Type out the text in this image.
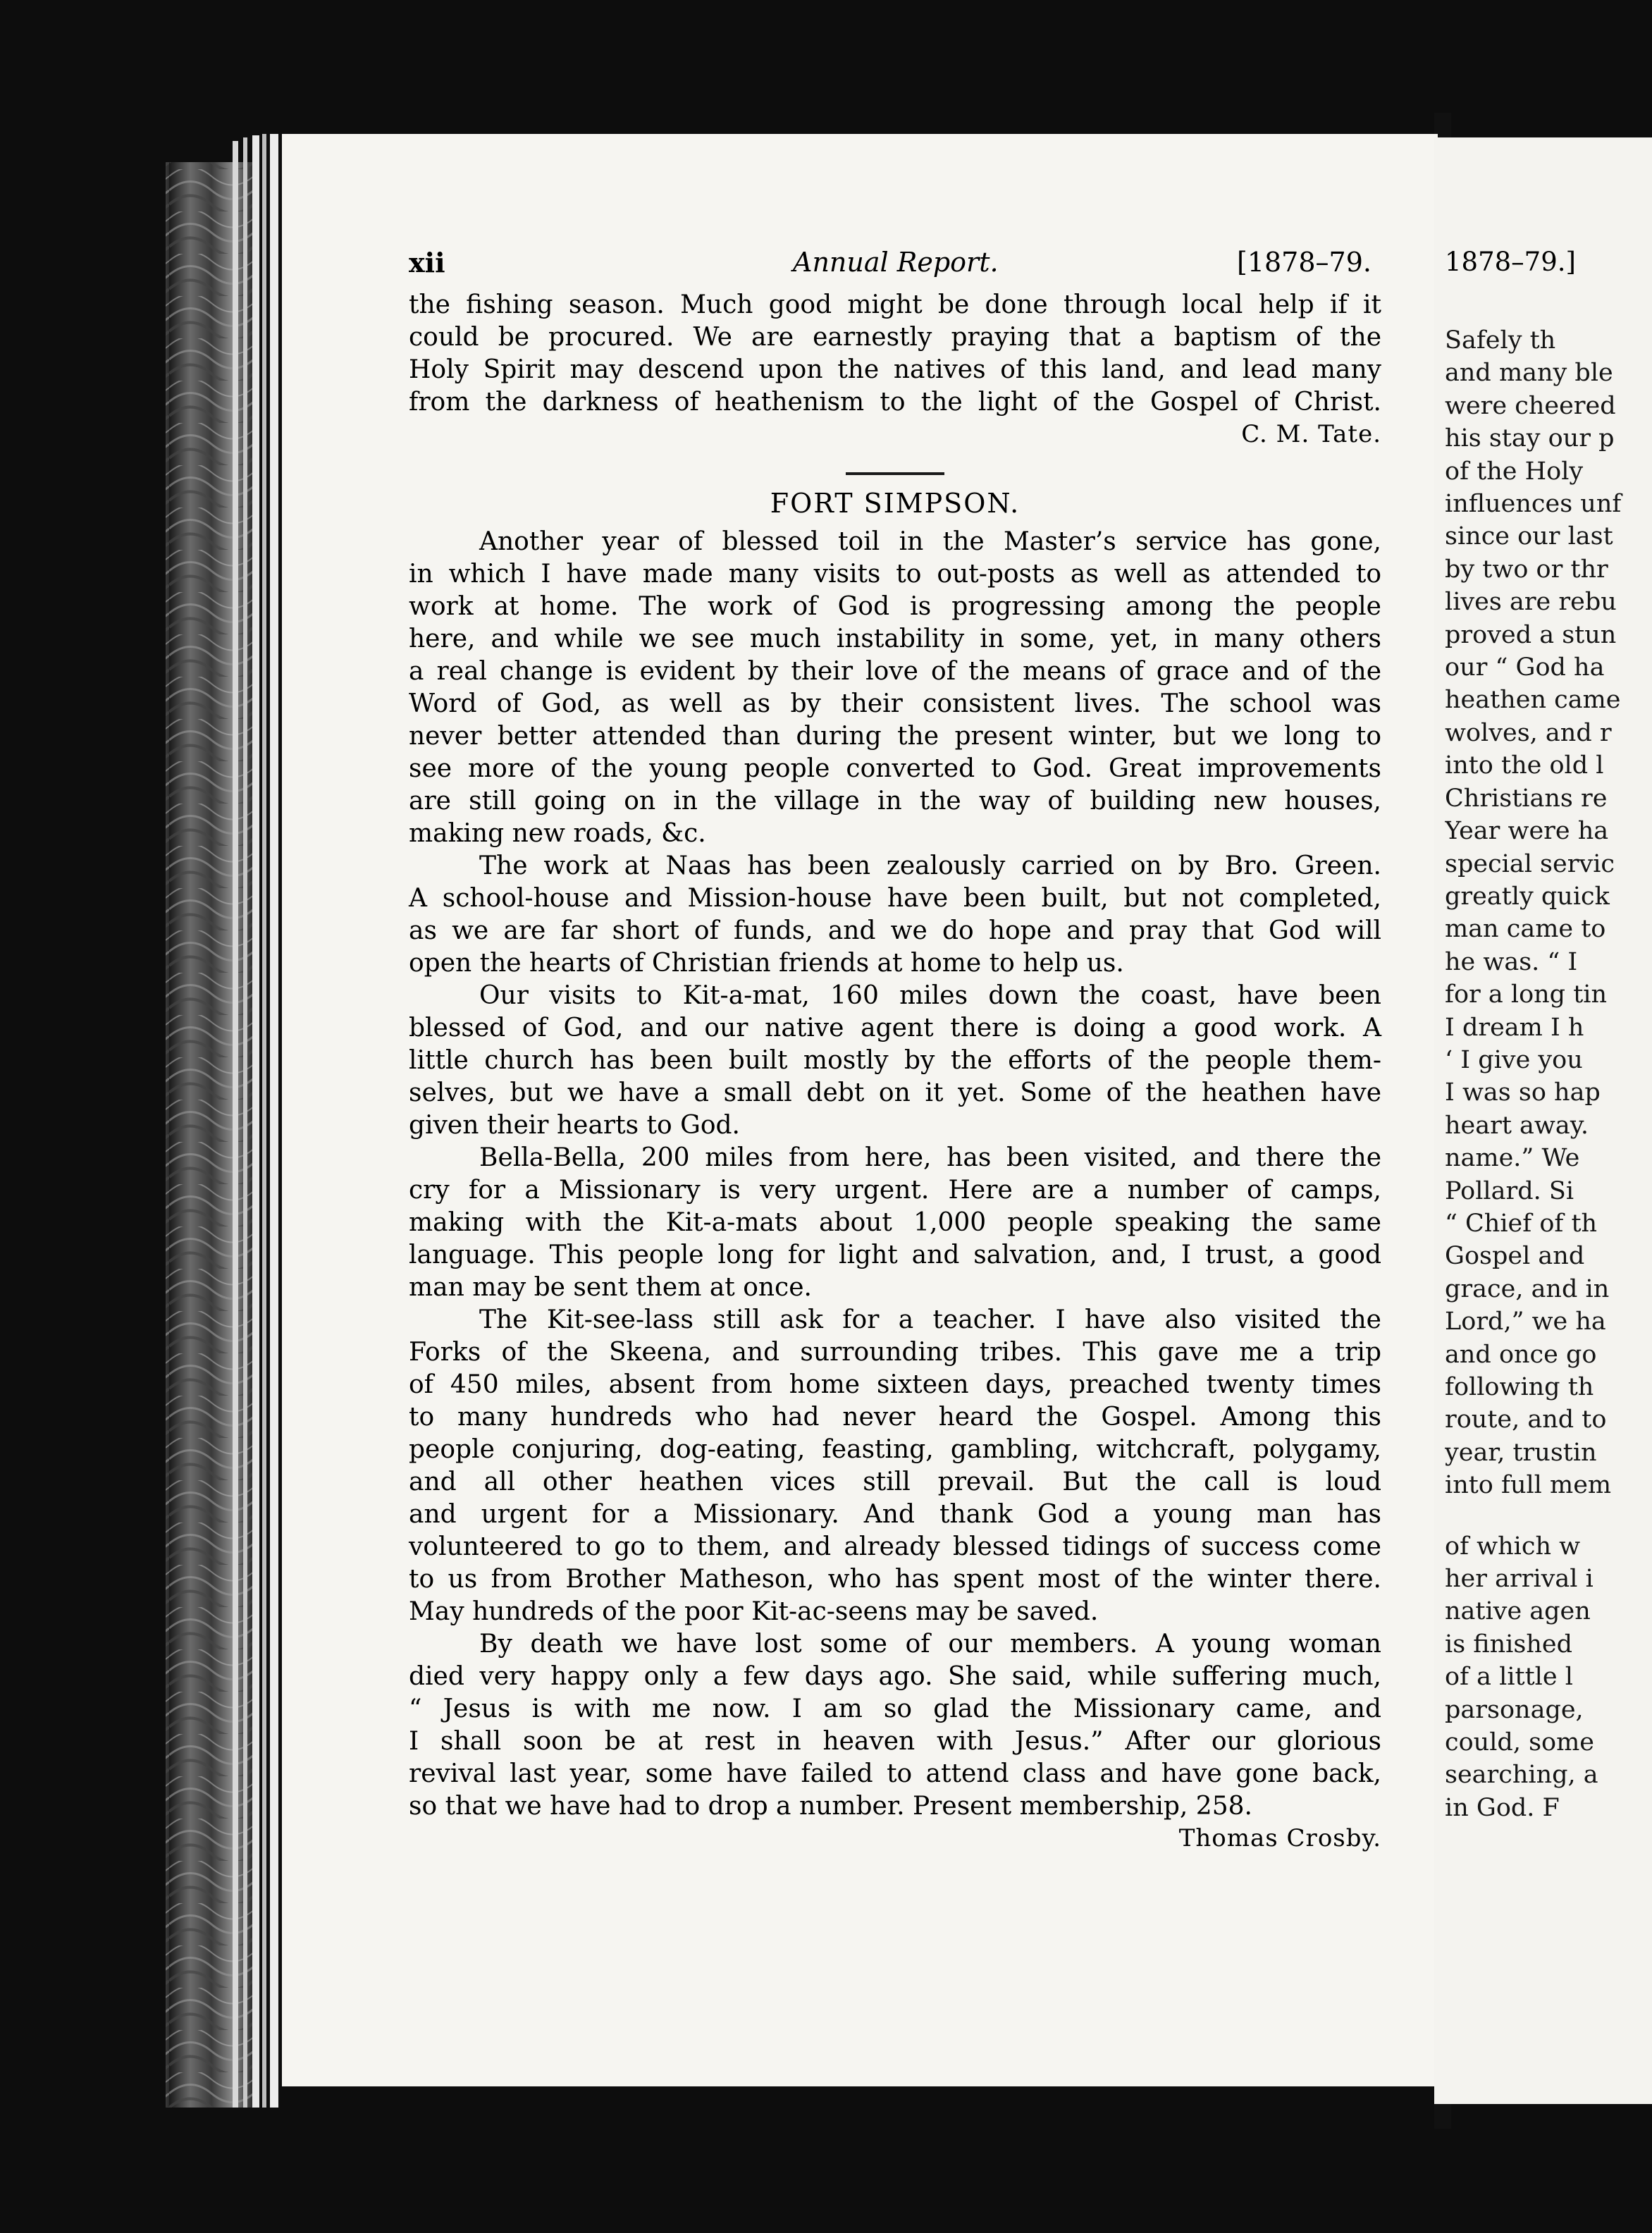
xii	Annual Report.	[1878–79.

the fishing season. Much good might be done through local help if it
could be procured. We are earnestly praying that a baptism of the
Holy Spirit may descend upon the natives of this land, and lead many
from the darkness of heathenism to the light of the Gospel of Christ.

C. M. Tate.
FORT SIMPSON.

Another year of blessed toil in the Master’s service has gone,
in which I have made many visits to out-posts as well as attended to
work at home. The work of God is progressing among the people
here, and while we see much instability in some, yet, in many others
a real change is evident by their love of the means of grace and of the
Word of God, as well as by their consistent lives. The school was
never better attended than during the present winter, but we long to
see more of the young people converted to God. Great improvements
are still going on in the village in the way of building new houses,
making new roads, &c.

The work at Naas has been zealously carried on by Bro. Green.
A school-house and Mission-house have been built, but not completed,
as we are far short of funds, and we do hope and pray that God will
open the hearts of Christian friends at home to help us.

Our visits to Kit-a-mat, 160 miles down the coast, have been
blessed of God, and our native agent there is doing a good work. A
little church has been built mostly by the efforts of the people them-
selves, but we have a small debt on it yet. Some of the heathen have
given their hearts to God.

Bella-Bella, 200 miles from here, has been visited, and there the
cry for a Missionary is very urgent. Here are a number of camps,
making with the Kit-a-mats about 1,000 people speaking the same
language. This people long for light and salvation, and, I trust, a good
man may be sent them at once.

The Kit-see-lass still ask for a teacher. I have also visited the
Forks of the Skeena, and surrounding tribes. This gave me a trip
of 450 miles, absent from home sixteen days, preached twenty times
to many hundreds who had never heard the Gospel. Among this
people conjuring, dog-eating, feasting, gambling, witchcraft, polygamy,
and all other heathen vices still prevail. But the call is loud
and urgent for a Missionary. And thank God a young man has
volunteered to go to them, and already blessed tidings of success come
to us from Brother Matheson, who has spent most of the winter there.
May hundreds of the poor Kit-ac-seens may be saved.

By death we have lost some of our members. A young woman
died very happy only a few days ago. She said, while suffering much,
“ Jesus is with me now. I am so glad the Missionary came, and
I shall soon be at rest in heaven with Jesus.” After our glorious
revival last year, some have failed to attend class and have gone back,
so that we have had to drop a number. Present membership, 258.

Thomas Crosby.
1878–79.]
Safely th
and many ble
were cheered
his stay our p
of the Holy
influences unf
since our last
by two or thr
lives are rebu
proved a stun
our “ God ha
heathen came
wolves, and r
into the old l
Christians re
Year were ha
special servic
greatly quick
man came to
he was. “ I
for a long tin
I dream I h
‘ I give you
I was so hap
heart away.
name.” We
Pollard. Si
“ Chief of th
Gospel and
grace, and in
Lord,” we ha
and once go
following th
route, and to
year, trustin
into full mem
of which w
her arrival i
native agen
is finished
of a little l
parsonage,
could, some
searching, a
in God. F
